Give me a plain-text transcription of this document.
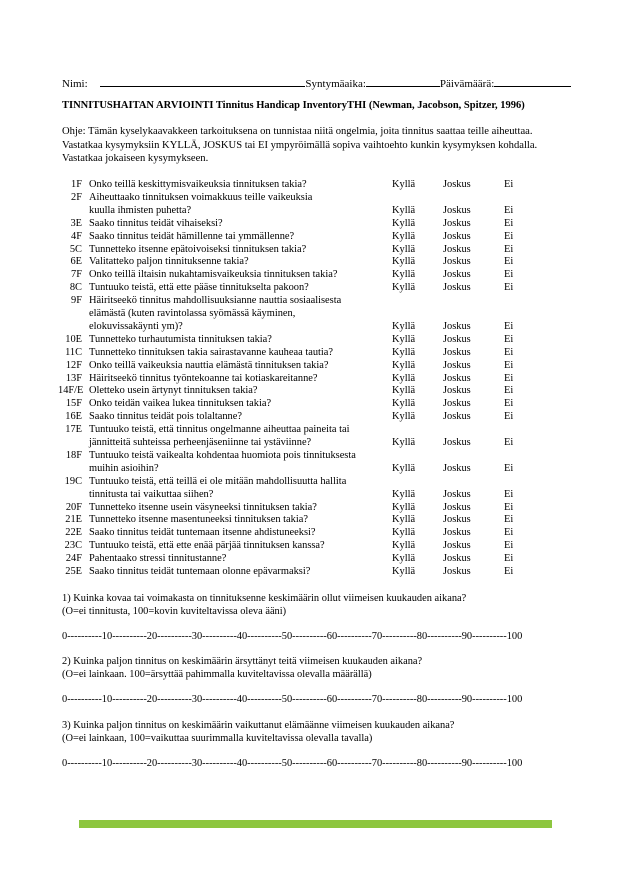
Nimi:	Syntymäaika:	Päivämäärä:
TINNITUSHAITAN ARVIOINTI Tinnitus Handicap InventoryTHI (Newman, Jacobson, Spitzer, 1996)
Ohje: Tämän kyselykaavakkeen tarkoituksena on tunnistaa niitä ongelmia, joita tinnitus saattaa teille aiheuttaa.
Vastatkaa kysymyksiin KYLLÄ, JOSKUS tai EI ympyröimällä sopiva vaihtoehto kunkin kysymyksen kohdalla.
Vastatkaa jokaiseen kysymykseen.
1F Onko teillä keskittymisvaikeuksia tinnituksen takia?	Kyllä	Joskus	Ei
2F Aiheuttaako tinnituksen voimakkuus teille vaikeuksia
kuulla ihmisten puhetta?	Kyllä	Joskus	Ei
3E Saako tinnitus teidät vihaiseksi?	Kyllä	Joskus	Ei
4F Saako tinnitus teidät hämillenne tai ymmällenne?	Kyllä	Joskus	Ei
5C Tunnetteko itsenne epätoivoiseksi tinnituksen takia?	Kyllä	Joskus	Ei
6E Valitatteko paljon tinnituksenne takia?	Kyllä	Joskus	Ei
7F Onko teillä iltaisin nukahtamisvaikeuksia tinnituksen takia?	Kyllä	Joskus	Ei
8C Tuntuuko teistä, että ette pääse tinnitukselta pakoon?	Kyllä	Joskus	Ei
9F Häiritseekö tinnitus mahdollisuuksianne nauttia sosiaalisesta
elämästä (kuten ravintolassa syömässä käyminen,
elokuvissakäynti ym)?	Kyllä	Joskus	Ei
10E Tunnetteko turhautumista tinnituksen takia?	Kyllä	Joskus	Ei
11C Tunnetteko tinnituksen takia sairastavanne kauheaa tautia?	Kyllä	Joskus	Ei
12F Onko teillä vaikeuksia nauttia elämästä tinnituksen takia?	Kyllä	Joskus	Ei
13F Häiritseekö tinnitus työntekoanne tai kotiaskareitanne?	Kyllä	Joskus	Ei
14F/E Oletteko usein ärtynyt tinnituksen takia?	Kyllä	Joskus	Ei
15F Onko teidän vaikea lukea tinnituksen takia?	Kyllä	Joskus	Ei
16E Saako tinnitus teidät pois tolaltanne?	Kyllä	Joskus	Ei
17E Tuntuuko teistä, että tinnitus ongelmanne aiheuttaa paineita tai
jännitteitä suhteissa perheenjäseniinne tai ystäviinne?	Kyllä	Joskus	Ei
18F Tuntuuko teistä vaikealta kohdentaa huomiota pois tinnituksesta
muihin asioihin?	Kyllä	Joskus	Ei
19C Tuntuuko teistä, että teillä ei ole mitään mahdollisuutta hallita
tinnitusta tai vaikuttaa siihen?	Kyllä	Joskus	Ei
20F Tunnetteko itsenne usein väsyneeksi tinnituksen takia?	Kyllä	Joskus	Ei
21E Tunnetteko itsenne masentuneeksi tinnituksen takia?	Kyllä	Joskus	Ei
22E Saako tinnitus teidät tuntemaan itsenne ahdistuneeksi?	Kyllä	Joskus	Ei
23C Tuntuuko teistä, että ette enää pärjää tinnituksen kanssa?	Kyllä	Joskus	Ei
24F Pahentaako stressi tinnitustanne?	Kyllä	Joskus	Ei
25E Saako tinnitus teidät tuntemaan olonne epävarmaksi?	Kyllä	Joskus	Ei
1) Kuinka kovaa tai voimakasta on tinnituksenne keskimäärin ollut viimeisen kuukauden aikana?
(O=ei tinnitusta, 100=kovin kuviteltavissa oleva ääni)
0----------10----------20----------30----------40----------50----------60----------70----------80----------90----------100
2) Kuinka paljon tinnitus on keskimäärin ärsyttänyt teitä viimeisen kuukauden aikana?
(O=ei lainkaan. 100=ärsyttää pahimmalla kuviteltavissa olevalla määrällä)
0----------10----------20----------30----------40----------50----------60----------70----------80----------90----------100
3) Kuinka paljon tinnitus on keskimäärin vaikuttanut elämäänne viimeisen kuukauden aikana?
(O=ei lainkaan, 100=vaikuttaa suurimmalla kuviteltavissa olevalla tavalla)
0----------10----------20----------30----------40----------50----------60----------70----------80----------90----------100
